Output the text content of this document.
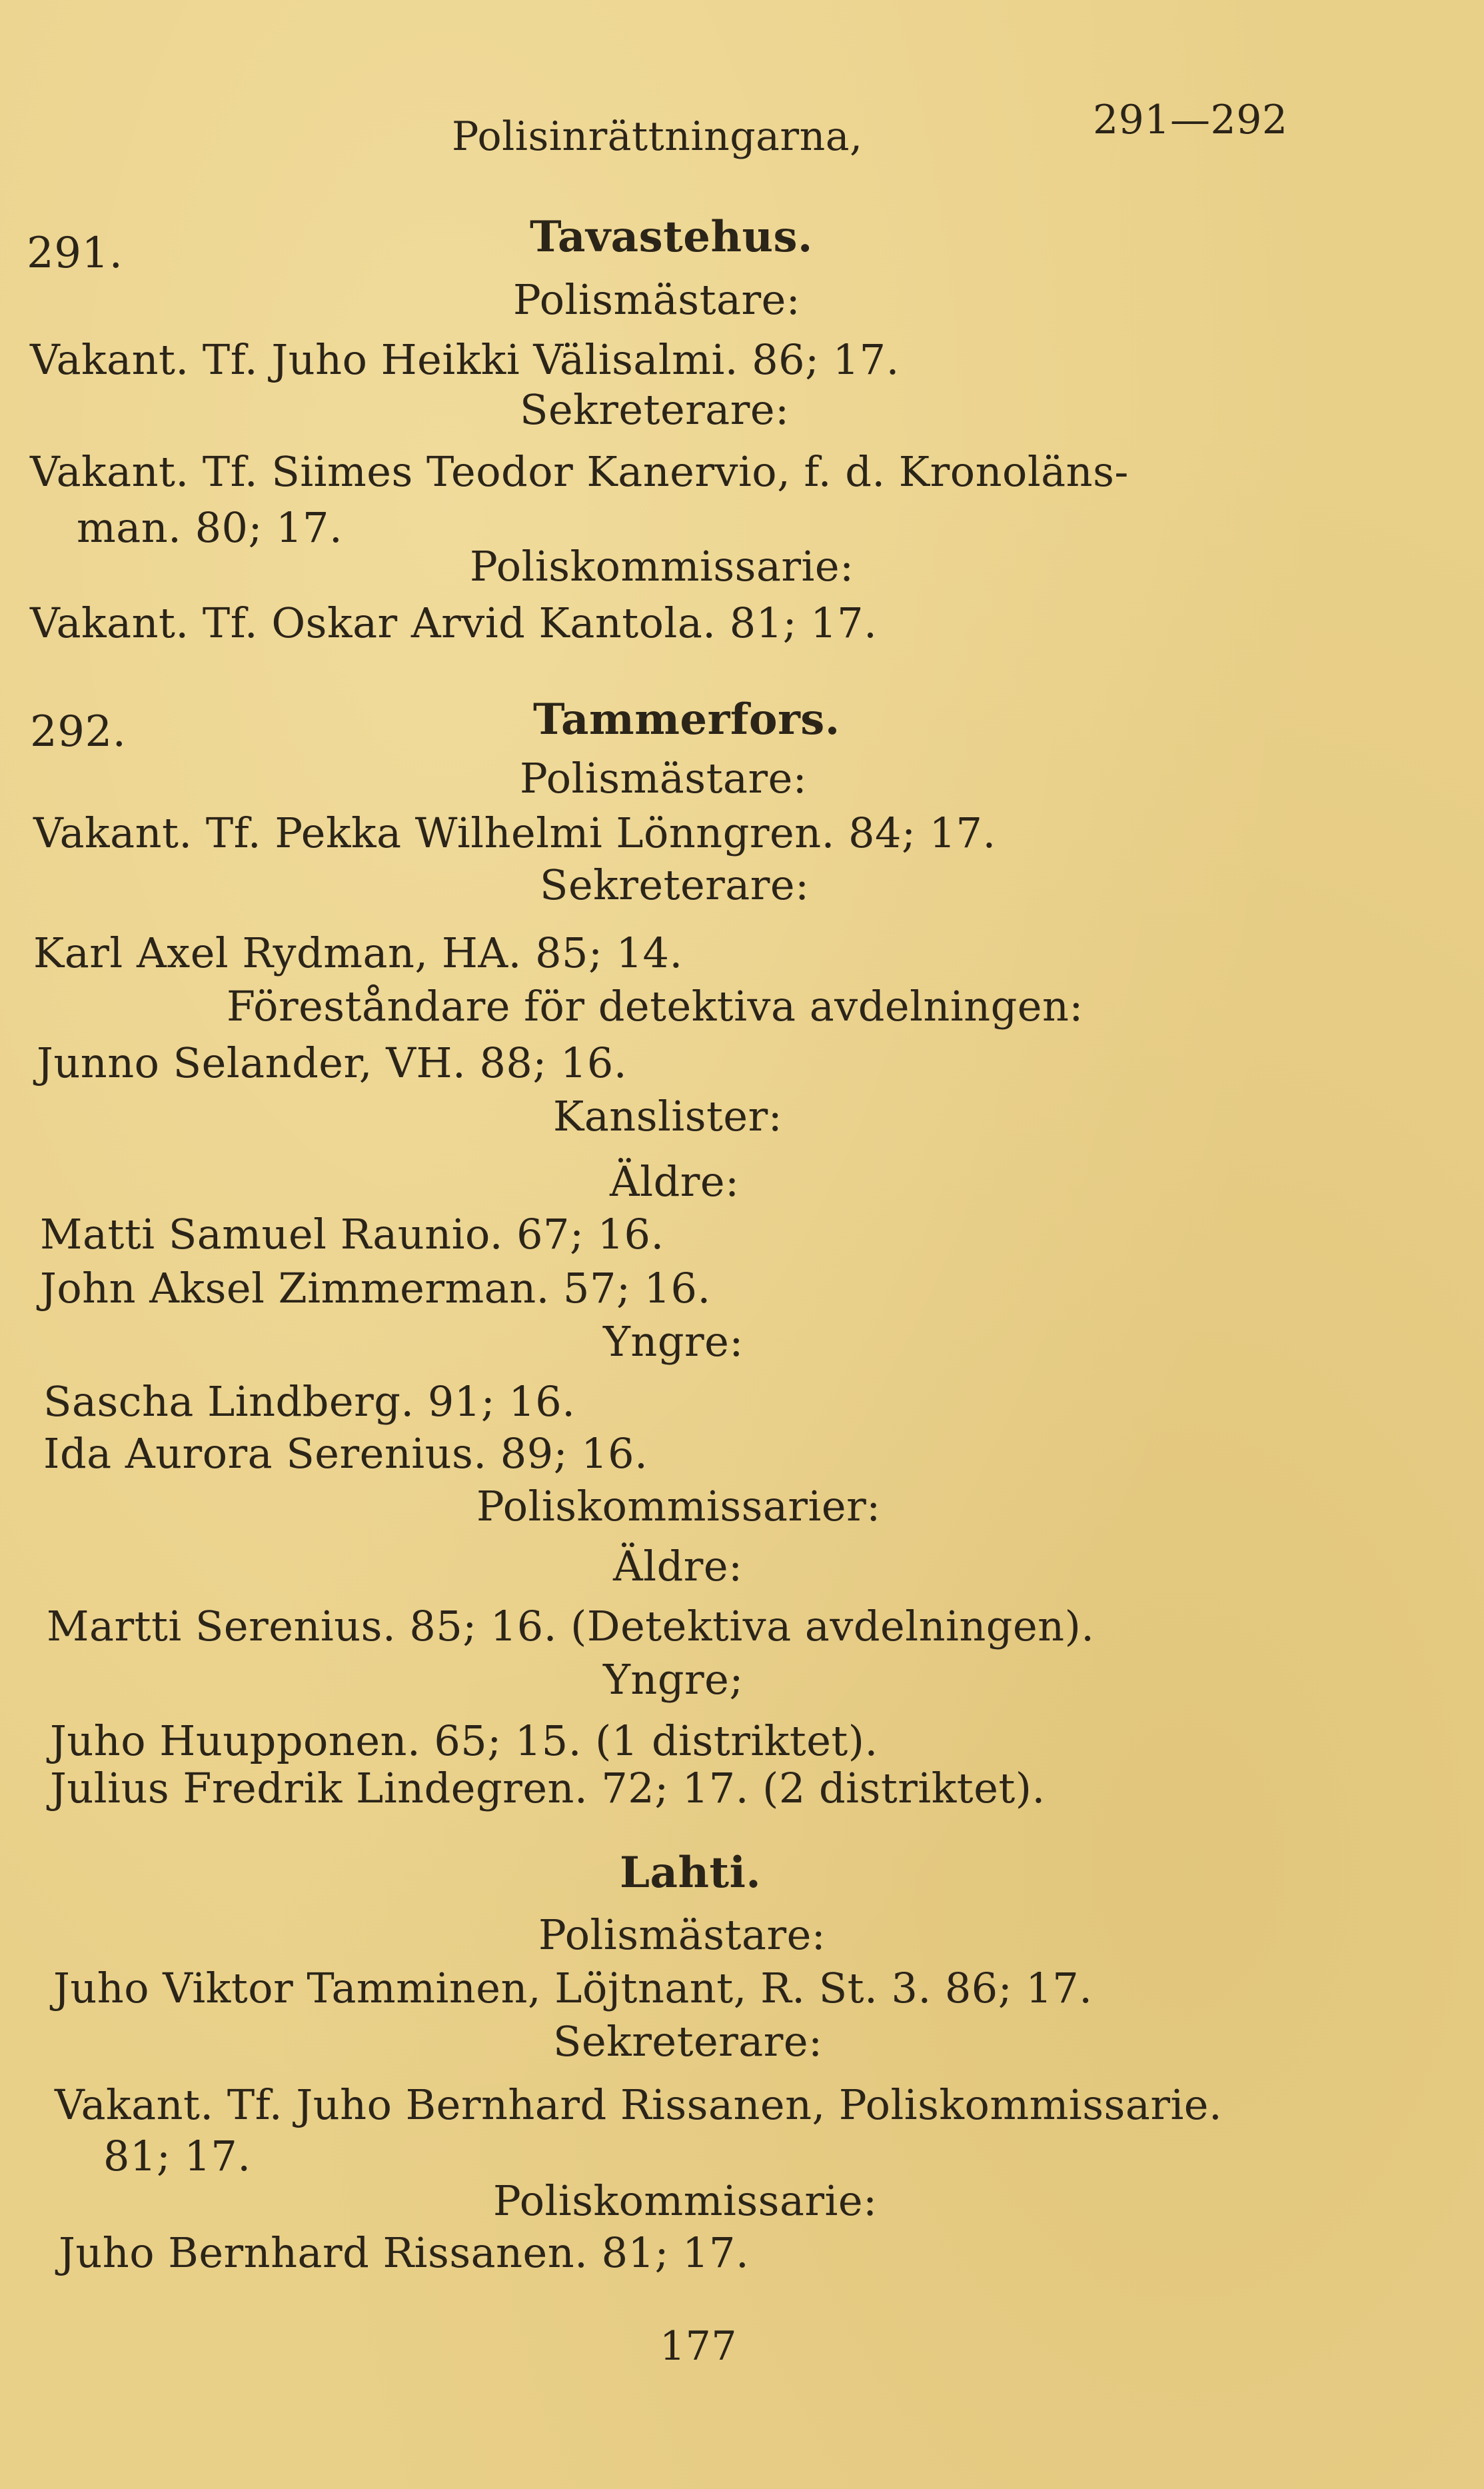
Polisinrättningarna,	291—292
291.	Tavastehus.
Polismästare:
Vakant. Tf. Juho Heikki Välisalmi. 86; 17.
Sekreterare:
Vakant. Tf. Siimes Teodor Kanervio, f. d. Kronoläns-
man. 80; 17.
Poliskommissarie:
Vakant. Tf. Oskar Arvid Kantola. 81; 17.
292.	Tammerfors.
Polismästare:
Vakant. Tf. Pekka Wilhelmi Lönngren. 84; 17.
Sekreterare:
Karl Axel Rydman, HA. 85; 14.
Föreståndare för detektiva avdelningen:
Junno Selander, VH. 88; 16.
Kanslister:
Äldre:
Matti Samuel Raunio. 67; 16.
John Aksel Zimmerman. 57; 16.
Yngre:
Sascha Lindberg. 91; 16.
Ida Aurora Serenius. 89; 16.
Poliskommissarier:
Äldre:
Martti Serenius. 85; 16. (Detektiva avdelningen).
Yngre;
Juho Huupponen. 65; 15. (1 distriktet).
Julius Fredrik Lindegren. 72; 17. (2 distriktet).
Lahti.
Polismästare:
Juho Viktor Tamminen, Löjtnant, R. St. 3. 86; 17.
Sekreterare:
Vakant. Tf. Juho Bernhard Rissanen, Poliskommissarie.
81; 17.
Poliskommissarie:
Juho Bernhard Rissanen. 81; 17.
177
